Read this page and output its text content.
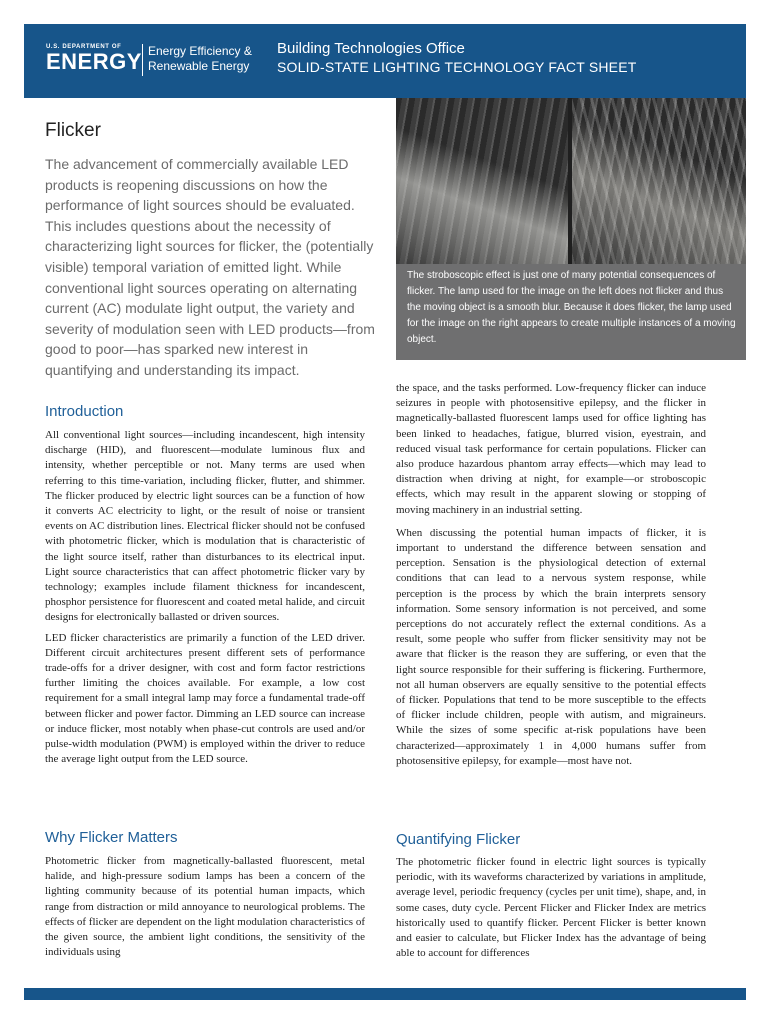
U.S. DEPARTMENT OF
ENERGY Energy Efficiency &
Renewable Energy
Building Technologies Office
SOLID-STATE LIGHTING TECHNOLOGY FACT SHEET
The stroboscopic effect is just one of many potential consequences of flicker. The lamp used for the image on the left does not flicker and thus the moving object is a smooth blur. Because it does flicker, the lamp used for the image on the right appears to create multiple instances of a moving object.
Flicker

The advancement of commercially available LED products is reopening discussions on how the performance of light sources should be evaluated. This includes questions about the necessity of characterizing light sources for flicker, the (potentially visible) temporal variation of emitted light. While conventional light sources operating on alternating current (AC) modulate light output, the variety and severity of modulation seen with LED products—from good to poor—has sparked new interest in quantifying and understanding its impact.

Introduction

All conventional light sources—including incandescent, high intensity discharge (HID), and fluorescent—modulate luminous flux and intensity, whether perceptible or not. Many terms are used when referring to this time-variation, including flicker, flutter, and shimmer. The flicker produced by electric light sources can be a function of how it converts AC electricity to light, or the result of noise or transient events on AC distribution lines. Electrical flicker should not be confused with photometric flicker, which is modulation that is characteristic of the light source itself, rather than disturbances to its electrical input. Light source characteristics that can affect photometric flicker vary by technology; examples include filament thickness for incandescent, phosphor persistence for fluorescent and coated metal halide, and circuit designs for electronically ballasted or driven sources.

LED flicker characteristics are primarily a function of the LED driver. Different circuit architectures present different sets of performance trade-offs for a driver designer, with cost and form factor restrictions further limiting the choices available. For example, a low cost requirement for a small integral lamp may force a fundamental trade-off between flicker and power factor. Dimming an LED source can increase or induce flicker, most notably when phase-cut controls are used and/or pulse-width modulation (PWM) is employed within the driver to reduce the average light output from the LED source.

Why Flicker Matters

Photometric flicker from magnetically-ballasted fluorescent, metal halide, and high-pressure sodium lamps has been a concern of the lighting community because of its potential human impacts, which range from distraction or mild annoyance to neurological problems. The effects of flicker are dependent on the light modulation characteristics of the given source, the ambient light conditions, the sensitivity of the individuals using

the space, and the tasks performed. Low-frequency flicker can induce seizures in people with photosensitive epilepsy, and the flicker in magnetically-ballasted fluorescent lamps used for office lighting has been linked to headaches, fatigue, blurred vision, eyestrain, and reduced visual task performance for certain populations. Flicker can also produce hazardous phantom array effects—which may lead to distraction when driving at night, for example—or stroboscopic effects, which may result in the apparent slowing or stopping of moving machinery in an industrial setting.

When discussing the potential human impacts of flicker, it is important to understand the difference between sensation and perception. Sensation is the physiological detection of external conditions that can lead to a nervous system response, while perception is the process by which the brain interprets sensory information. Some sensory information is not perceived, and some perceptions do not accurately reflect the external conditions. As a result, some people who suffer from flicker sensitivity may not be aware that flicker is the reason they are suffering, or even that the light source responsible for their suffering is flickering. Furthermore, not all human observers are equally sensitive to the potential effects of flicker. Populations that tend to be more susceptible to the effects of flicker include children, people with autism, and migraineurs. While the sizes of some specific at-risk populations have been characterized—approximately 1 in 4,000 humans suffer from photosensitive epilepsy, for example—most have not.

Quantifying Flicker

The photometric flicker found in electric light sources is typically periodic, with its waveforms characterized by variations in amplitude, average level, periodic frequency (cycles per unit time), shape, and, in some cases, duty cycle. Percent Flicker and Flicker Index are metrics historically used to quantify flicker. Percent Flicker is better known and easier to calculate, but Flicker Index has the advantage of being able to account for differences
